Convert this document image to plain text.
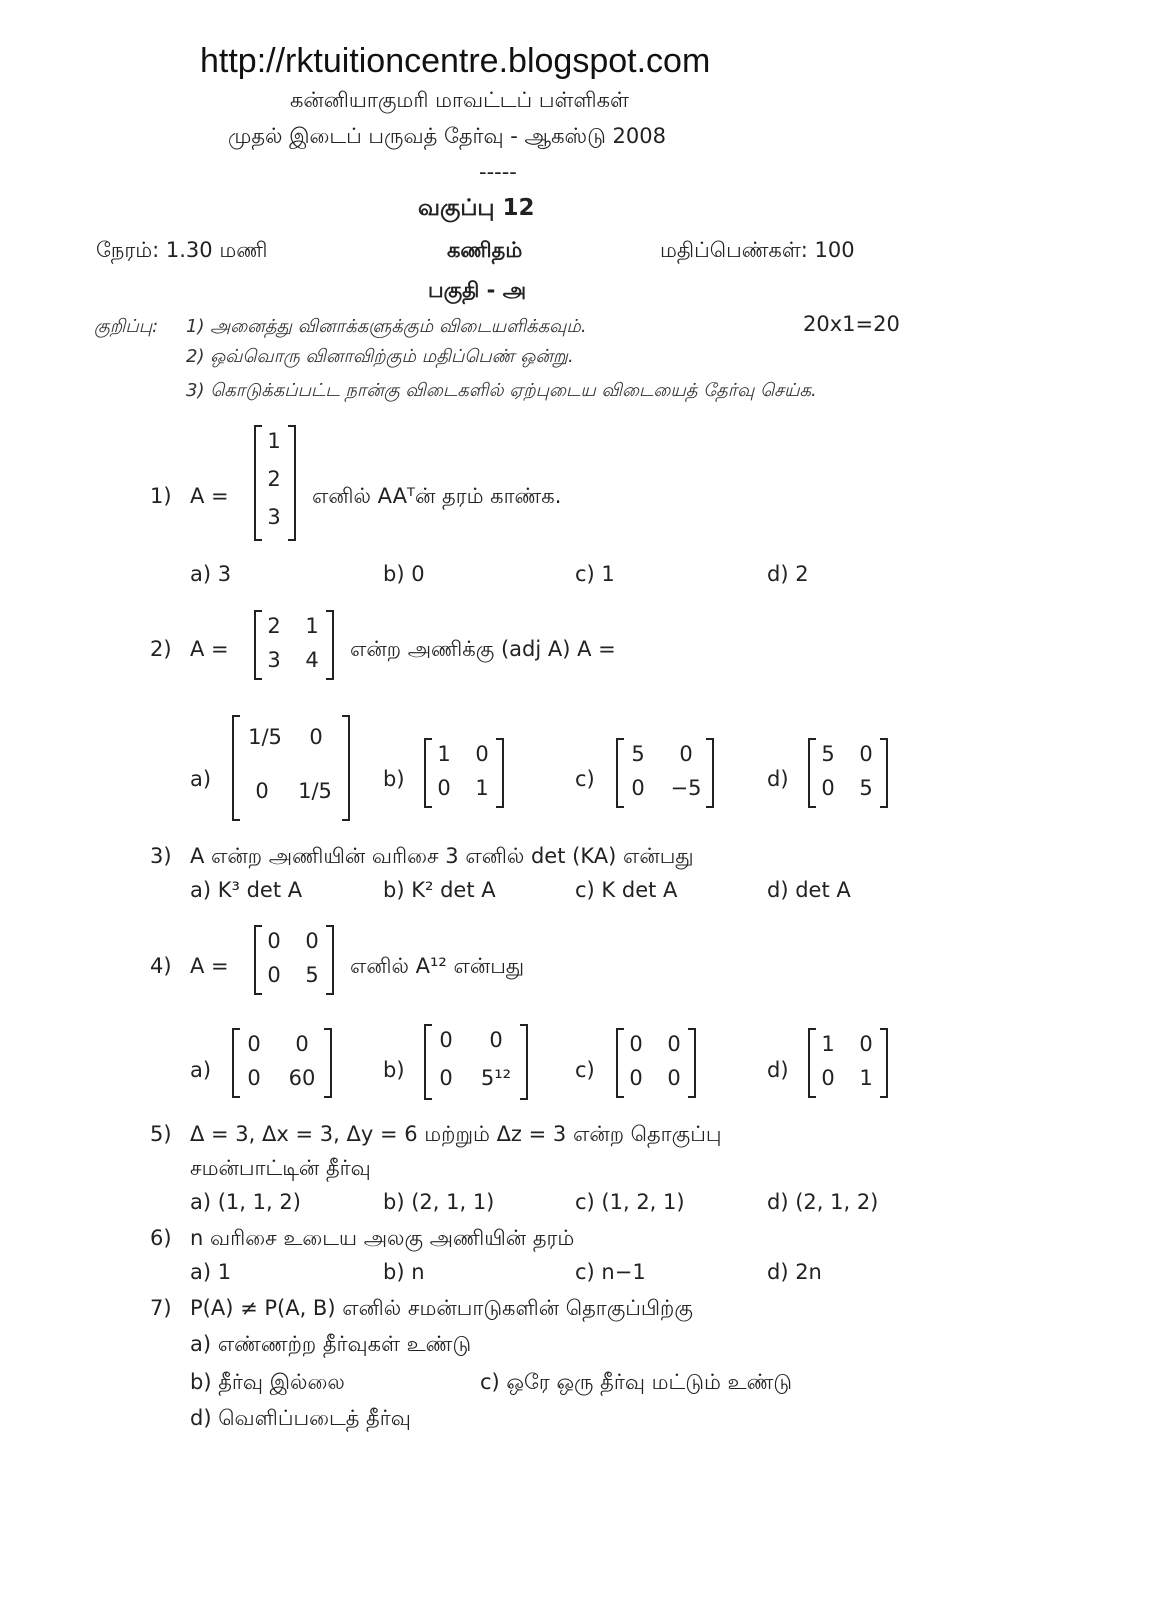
http://rktuitioncentre.blogspot.com
கன்னியாகுமரி மாவட்டப் பள்ளிகள்
முதல் இடைப் பருவத் தேர்வு - ஆகஸ்டு 2008
-----
வகுப்பு 12
நேரம்: 1.30 மணி	கணிதம்	மதிப்பெண்கள்: 100
பகுதி - அ
குறிப்பு: 1) அனைத்து வினாக்களுக்கும் விடையளிக்கவும்.	20x1=20
2) ஒவ்வொரு வினாவிற்கும் மதிப்பெண் ஒன்று.
3) கொடுக்கப்பட்ட நான்கு விடைகளில் ஏற்புடைய விடையைத் தேர்வு செய்க.
1) A =
1
2
3
எனில் AAᵀன் தரம் காண்க.
a) 3	b) 0	c) 1	d) 2
2) A =
2	1
3	4	என்ற அணிக்கு (adj A) A =
a)
1/5	0
0	1/5	b)
1	0
0	1	c)
5	0
0	−5	d)
5	0
0	5
3) A என்ற அணியின் வரிசை 3 எனில் det (KA) என்பது
a) K³ det A	b) K² det A	c) K det A	d) det A
4) A =
0	0
0	5	எனில் A¹² என்பது
a)
0	0
0	60	b)
0	0
0	5¹²	c)
0	0
0	0	d)
1	0
0	1
5) Δ = 3, Δx = 3, Δy = 6 மற்றும் Δz = 3 என்ற தொகுப்பு
சமன்பாட்டின் தீர்வு
a) (1, 1, 2)	b) (2, 1, 1)	c) (1, 2, 1)	d) (2, 1, 2)
6) n வரிசை உடைய அலகு அணியின் தரம்
a) 1	b) n	c) n−1	d) 2n
7) P(A) ≠ P(A, B) எனில் சமன்பாடுகளின் தொகுப்பிற்கு
a) எண்ணற்ற தீர்வுகள் உண்டு
b) தீர்வு இல்லை	c) ஒரே ஒரு தீர்வு மட்டும் உண்டு
d) வெளிப்படைத் தீர்வு
